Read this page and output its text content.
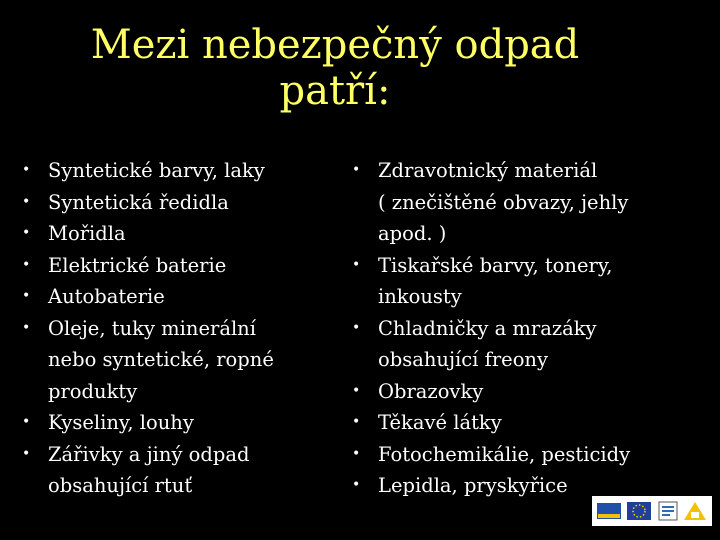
Mezi nebezpečný odpad
patří:
• Syntetické barvy, laky
• Syntetická ředidla
• Mořidla
• Elektrické baterie
• Autobaterie
• Oleje, tuky minerální
nebo syntetické, ropné
produkty
• Kyseliny, louhy
• Zářivky a jiný odpad
obsahující rtuť
• Zdravotnický materiál
( znečištěné obvazy, jehly
apod. )
• Tiskařské barvy, tonery,
inkousty
• Chladničky a mrazáky
obsahující freony
• Obrazovky
• Těkavé látky
• Fotochemikálie, pesticidy
• Lepidla, pryskyřice
